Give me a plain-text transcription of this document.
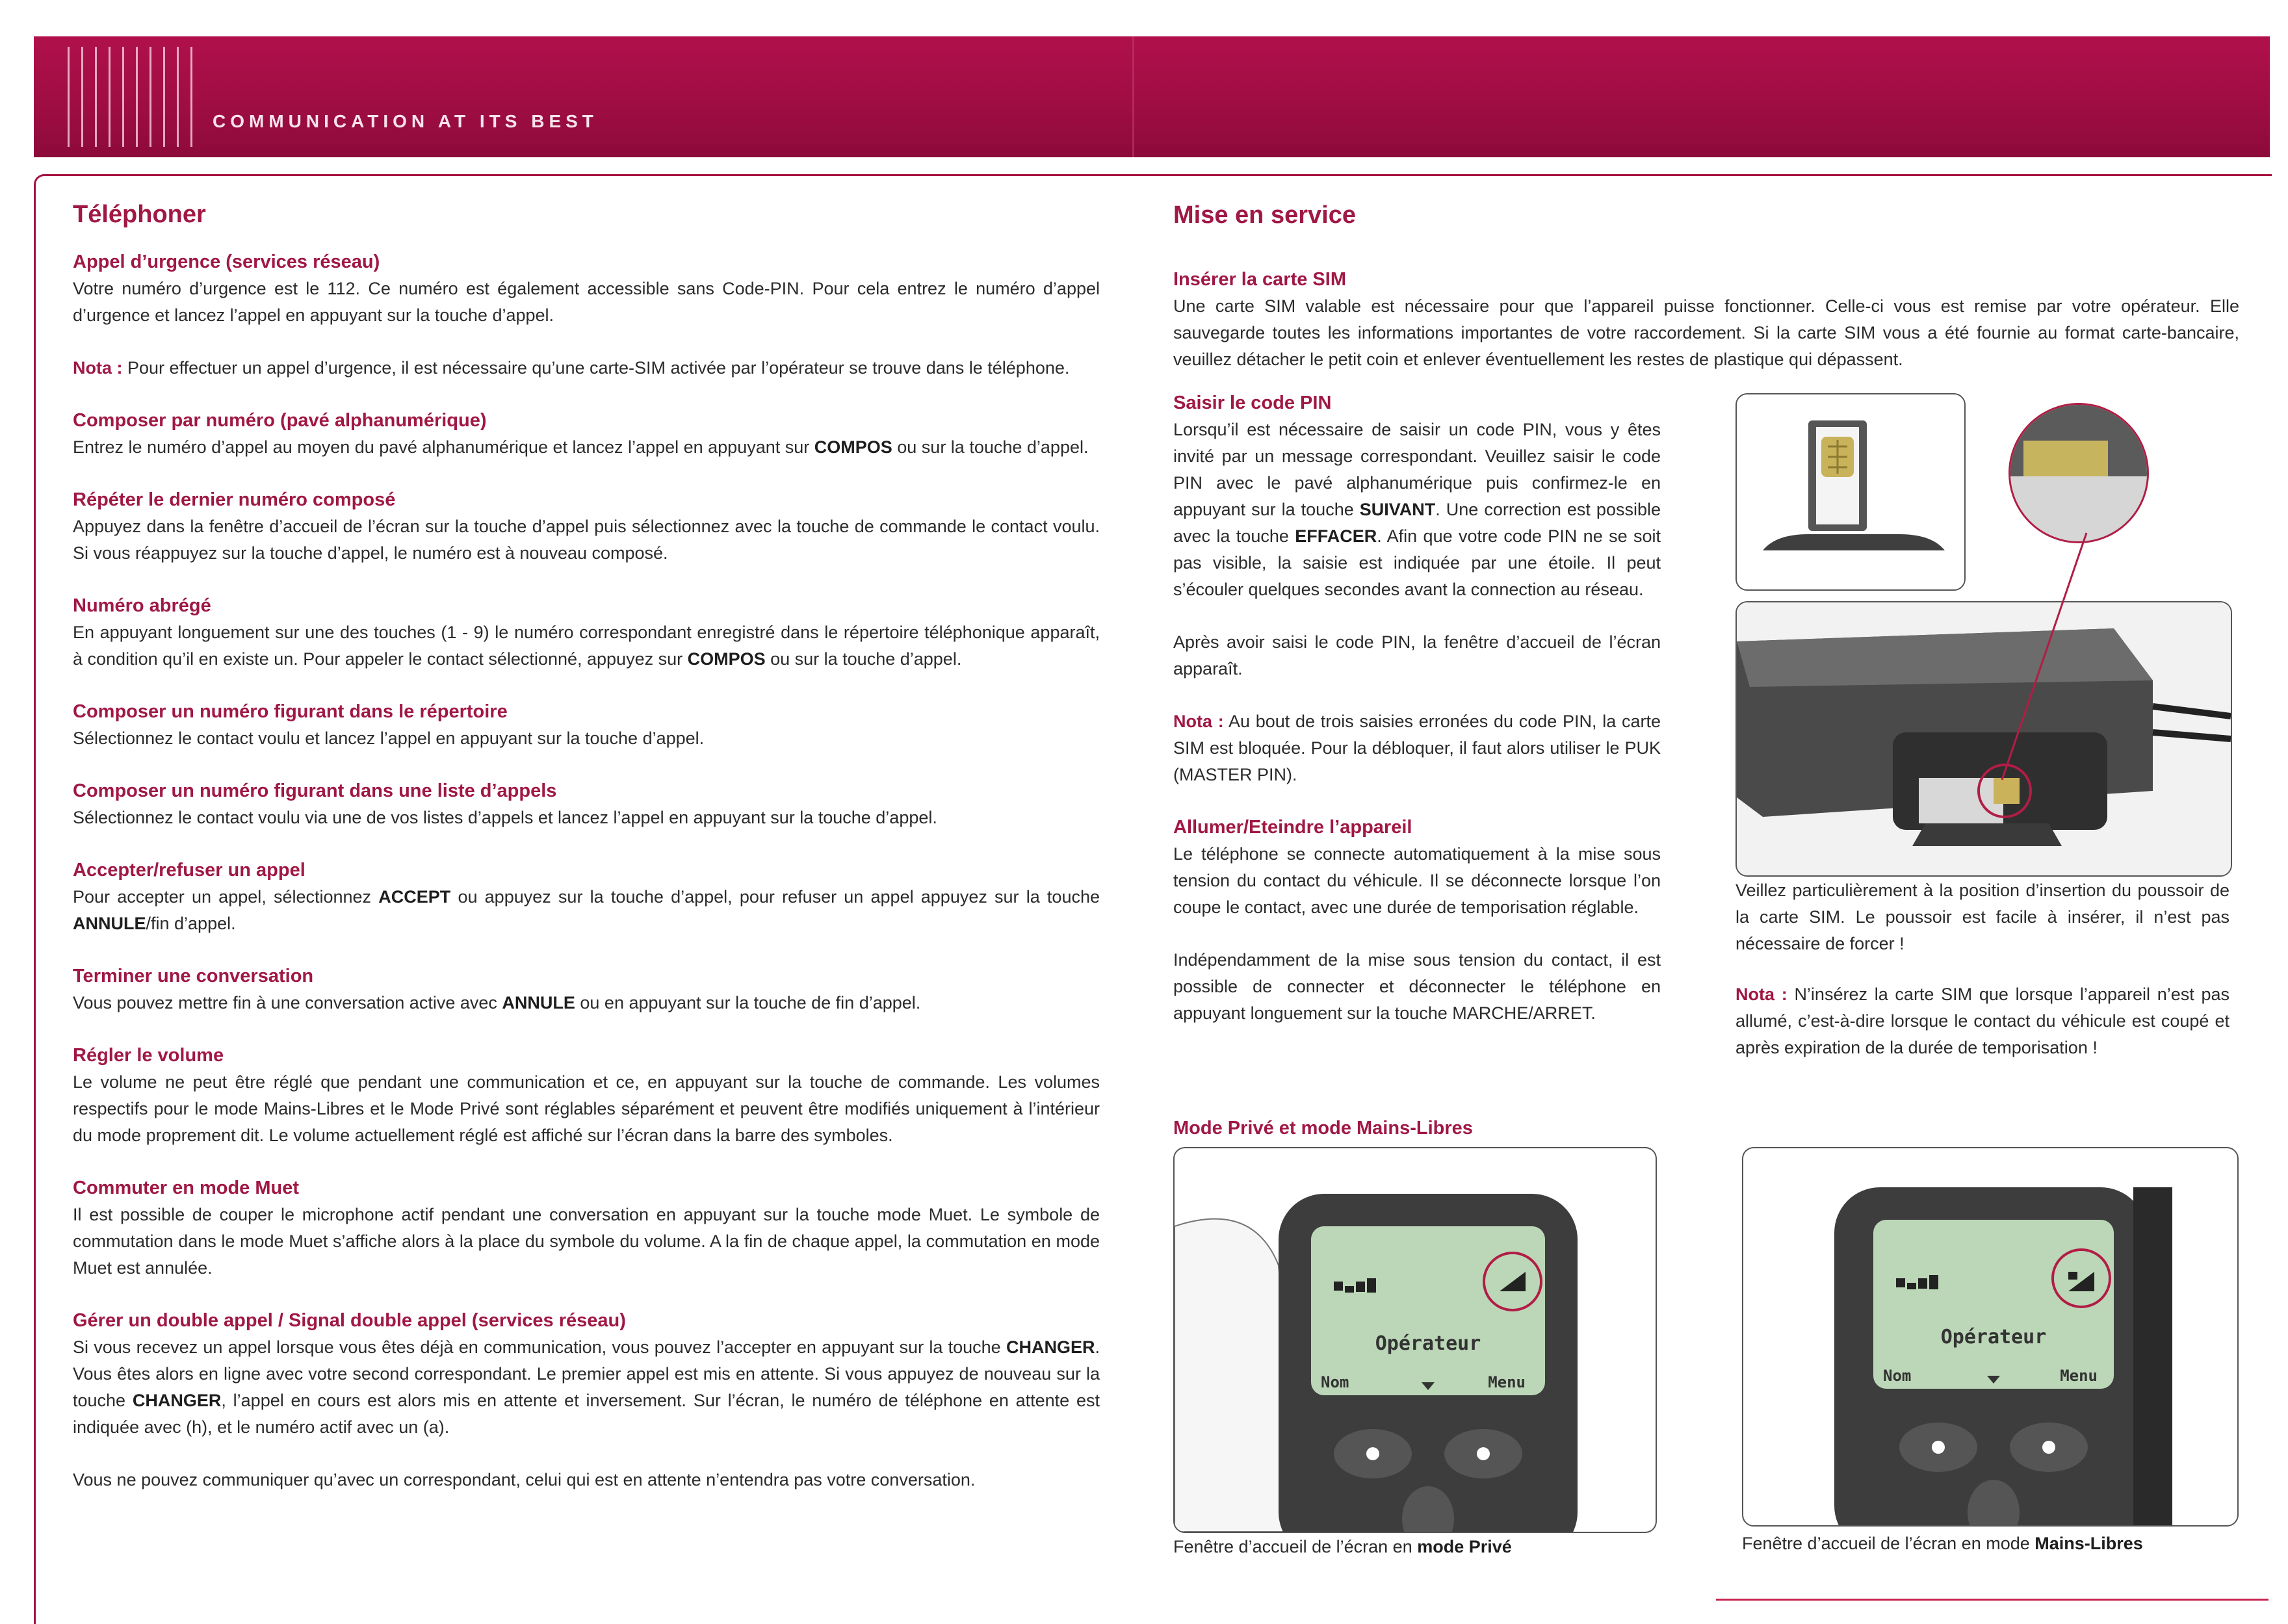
COMMUNICATION AT ITS BEST
Téléphoner
Appel d’urgence (services réseau)

Votre numéro d’urgence est le 112. Ce numéro est également accessible sans Code-PIN. Pour cela entrez le numéro d’appel d’urgence et lancez l’appel en appuyant sur la touche d’appel.

Nota : Pour effectuer un appel d’urgence, il est nécessaire qu’une carte-SIM activée par l’opérateur se trouve dans le téléphone.

Composer par numéro (pavé alphanumérique)

Entrez le numéro d’appel au moyen du pavé alphanumérique et lancez l’appel en appuyant sur COMPOS ou sur la touche d’appel.

Répéter le dernier numéro composé

Appuyez dans la fenêtre d’accueil de l’écran sur la touche d’appel puis sélectionnez avec la touche de commande le contact voulu. Si vous réappuyez sur la touche d’appel, le numéro est à nouveau composé.

Numéro abrégé

En appuyant longuement sur une des touches (1 - 9) le numéro correspondant enregistré dans le répertoire téléphonique apparaît, à condition qu’il en existe un. Pour appeler le contact sélectionné, appuyez sur COMPOS ou sur la touche d’appel.

Composer un numéro figurant dans le répertoire

Sélectionnez le contact voulu et lancez l’appel en appuyant sur la touche d’appel.

Composer un numéro figurant dans une liste d’appels

Sélectionnez le contact voulu via une de vos listes d’appels et lancez l’appel en appuyant sur la touche d’appel.

Accepter/refuser un appel

Pour accepter un appel, sélectionnez ACCEPT ou appuyez sur la touche d’appel, pour refuser un appel appuyez sur la touche ANNULE/fin d’appel.

Terminer une conversation

Vous pouvez mettre fin à une conversation active avec ANNULE ou en appuyant sur la touche de fin d’appel.

Régler le volume

Le volume ne peut être réglé que pendant une communication et ce, en appuyant sur la touche de commande. Les volumes respectifs pour le mode Mains-Libres et le Mode Privé sont réglables séparément et peuvent être modifiés uniquement à l’intérieur du mode proprement dit. Le volume actuellement réglé est affiché sur l’écran dans la barre des symboles.

Commuter en mode Muet

Il est possible de couper le microphone actif pendant une conversation en appuyant sur la touche mode Muet. Le symbole de commutation dans le mode Muet s’affiche alors à la place du symbole du volume. A la fin de chaque appel, la commutation en mode Muet est annulée.

Gérer un double appel / Signal double appel (services réseau)

Si vous recevez un appel lorsque vous êtes déjà en communication, vous pouvez l’accepter en appuyant sur la touche CHANGER. Vous êtes alors en ligne avec votre second correspondant. Le premier appel est mis en attente. Si vous appuyez de nouveau sur la touche CHANGER, l’appel en cours est alors mis en attente et inversement. Sur l’écran, le numéro de téléphone en attente est indiquée avec (h), et le numéro actif avec un (a).

Vous ne pouvez communiquer qu’avec un correspondant, celui qui est en attente n’entendra pas votre conversation.

Mise en service
Insérer la carte SIM

Une carte SIM valable est nécessaire pour que l’appareil puisse fonctionner. Celle-ci vous est remise par votre opérateur. Elle sauvegarde toutes les informations importantes de votre raccordement. Si la carte SIM vous a été fournie au format carte-bancaire, veuillez détacher le petit coin et enlever éventuellement les restes de plastique qui dépassent.

Saisir le code PIN

Lorsqu’il est nécessaire de saisir un code PIN, vous y êtes invité par un message correspondant. Veuillez saisir le code PIN avec le pavé alphanumérique puis confirmez-le en appuyant sur la touche SUIVANT. Une correction est possible avec la touche EFFACER. Afin que votre code PIN ne se soit pas visible, la saisie est indiquée par une étoile. Il peut s’écouler quelques secondes avant la connection au réseau.

Après avoir saisi le code PIN, la fenêtre d’accueil de l’écran apparaît.

Nota : Au bout de trois saisies erronées du code PIN, la carte SIM est bloquée. Pour la débloquer, il faut alors utiliser le PUK (MASTER PIN).

Allumer/Eteindre l’appareil

Le téléphone se connecte automatiquement à la mise sous tension du contact du véhicule. Il se déconnecte lorsque l’on coupe le contact, avec une durée de temporisation réglable.

Indépendamment de la mise sous tension du contact, il est possible de connecter et déconnecter le téléphone en appuyant longuement sur la touche MARCHE/ARRET.

Veillez particulièrement à la position d’insertion du poussoir de la carte SIM. Le poussoir est facile à insérer, il n’est pas nécessaire de forcer !
Nota : N’insérez la carte SIM que lorsque l’appareil n’est pas allumé, c’est-à-dire lorsque le contact du véhicule est coupé et après expiration de la durée de temporisation !
Mode Privé et mode Mains-Libres
Opérateur
Nom	Menu
Fenêtre d’accueil de l’écran en mode Privé
Opérateur
Nom	Menu
Fenêtre d’accueil de l’écran en mode Mains-Libres
